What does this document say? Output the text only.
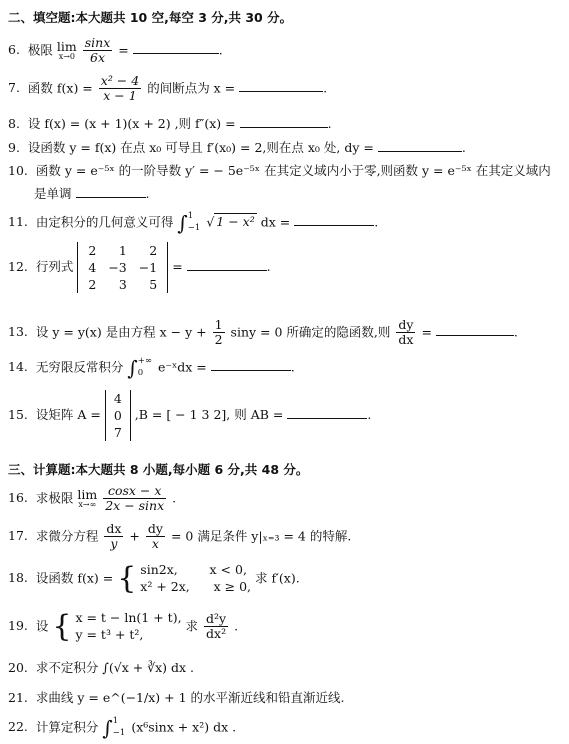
二、填空题:本大题共 10 空,每空 3 分,共 30 分。
6. 极限 lim
x→0
$\frac{\sin x}{6x}$ =	.
7. 函数 $f(x) = \frac{\text{x² − 4}}{x - 1}$ 的间断点为 x =	.
8. 设 f(x) = (x + 1)(x + 2) ,则 f″(x) =	.
9. 设函数 y = f(x) 在点 x₀ 可导且 f′(x₀) = 2,则在点 x₀ 处, dy =	.
10. 函数 y = e⁻⁵ˣ 的一阶导数 y′ = − 5e⁻⁵ˣ 在其定义域内小于零,则函数 y = e⁻⁵ˣ 在其定义域内
是单调	.
11. 由定积分的几何意义可得 ∫ 1
−1 √ 1 − x² dx =	.
12. 行列式
2	1	2
4	−3	−1
2	3	5
=	.
13. 设 y = y(x) 是由方程 $x - y + \frac{1}{2}$ siny = 0 所确定的隐函数,则 $\frac{dy}{dx}$ =	.
14. 无穷限反常积分 ∫ +∞
0	e⁻ˣdx =	.
15. 设矩阵 A =
4
0
7
,B = [ − 1 3 2], 则 AB =	.
三、计算题:本大题共 8 小题,每小题 6 分,共 48 分。
16. 求极限 lim
x→∞
$\frac{\cos x - x}{2x - \sin x}$ .
17. 求微分方程 $\frac{dx}{y} + \frac{dy}{x} = 0$ 满足条件 y|ₓ₌₃ = 4 的特解.
18. 设函数 f(x) = { sin2x,        x < 0,
x² + 2x,      x ≥ 0,
求 f′(x).
19. 设 { x = t − ln(1 + t),
y = t³ + t²,
求 $\frac{\text{d²y}}{\text{dx²}}$ .
20. 求不定积分 ∫(√x + ∛x) dx .
21. 求曲线 y = e^(−1/x) + 1 的水平渐近线和铅直渐近线.
22. 计算定积分 ∫ 1
−1 (x⁶sinx + x²) dx .
